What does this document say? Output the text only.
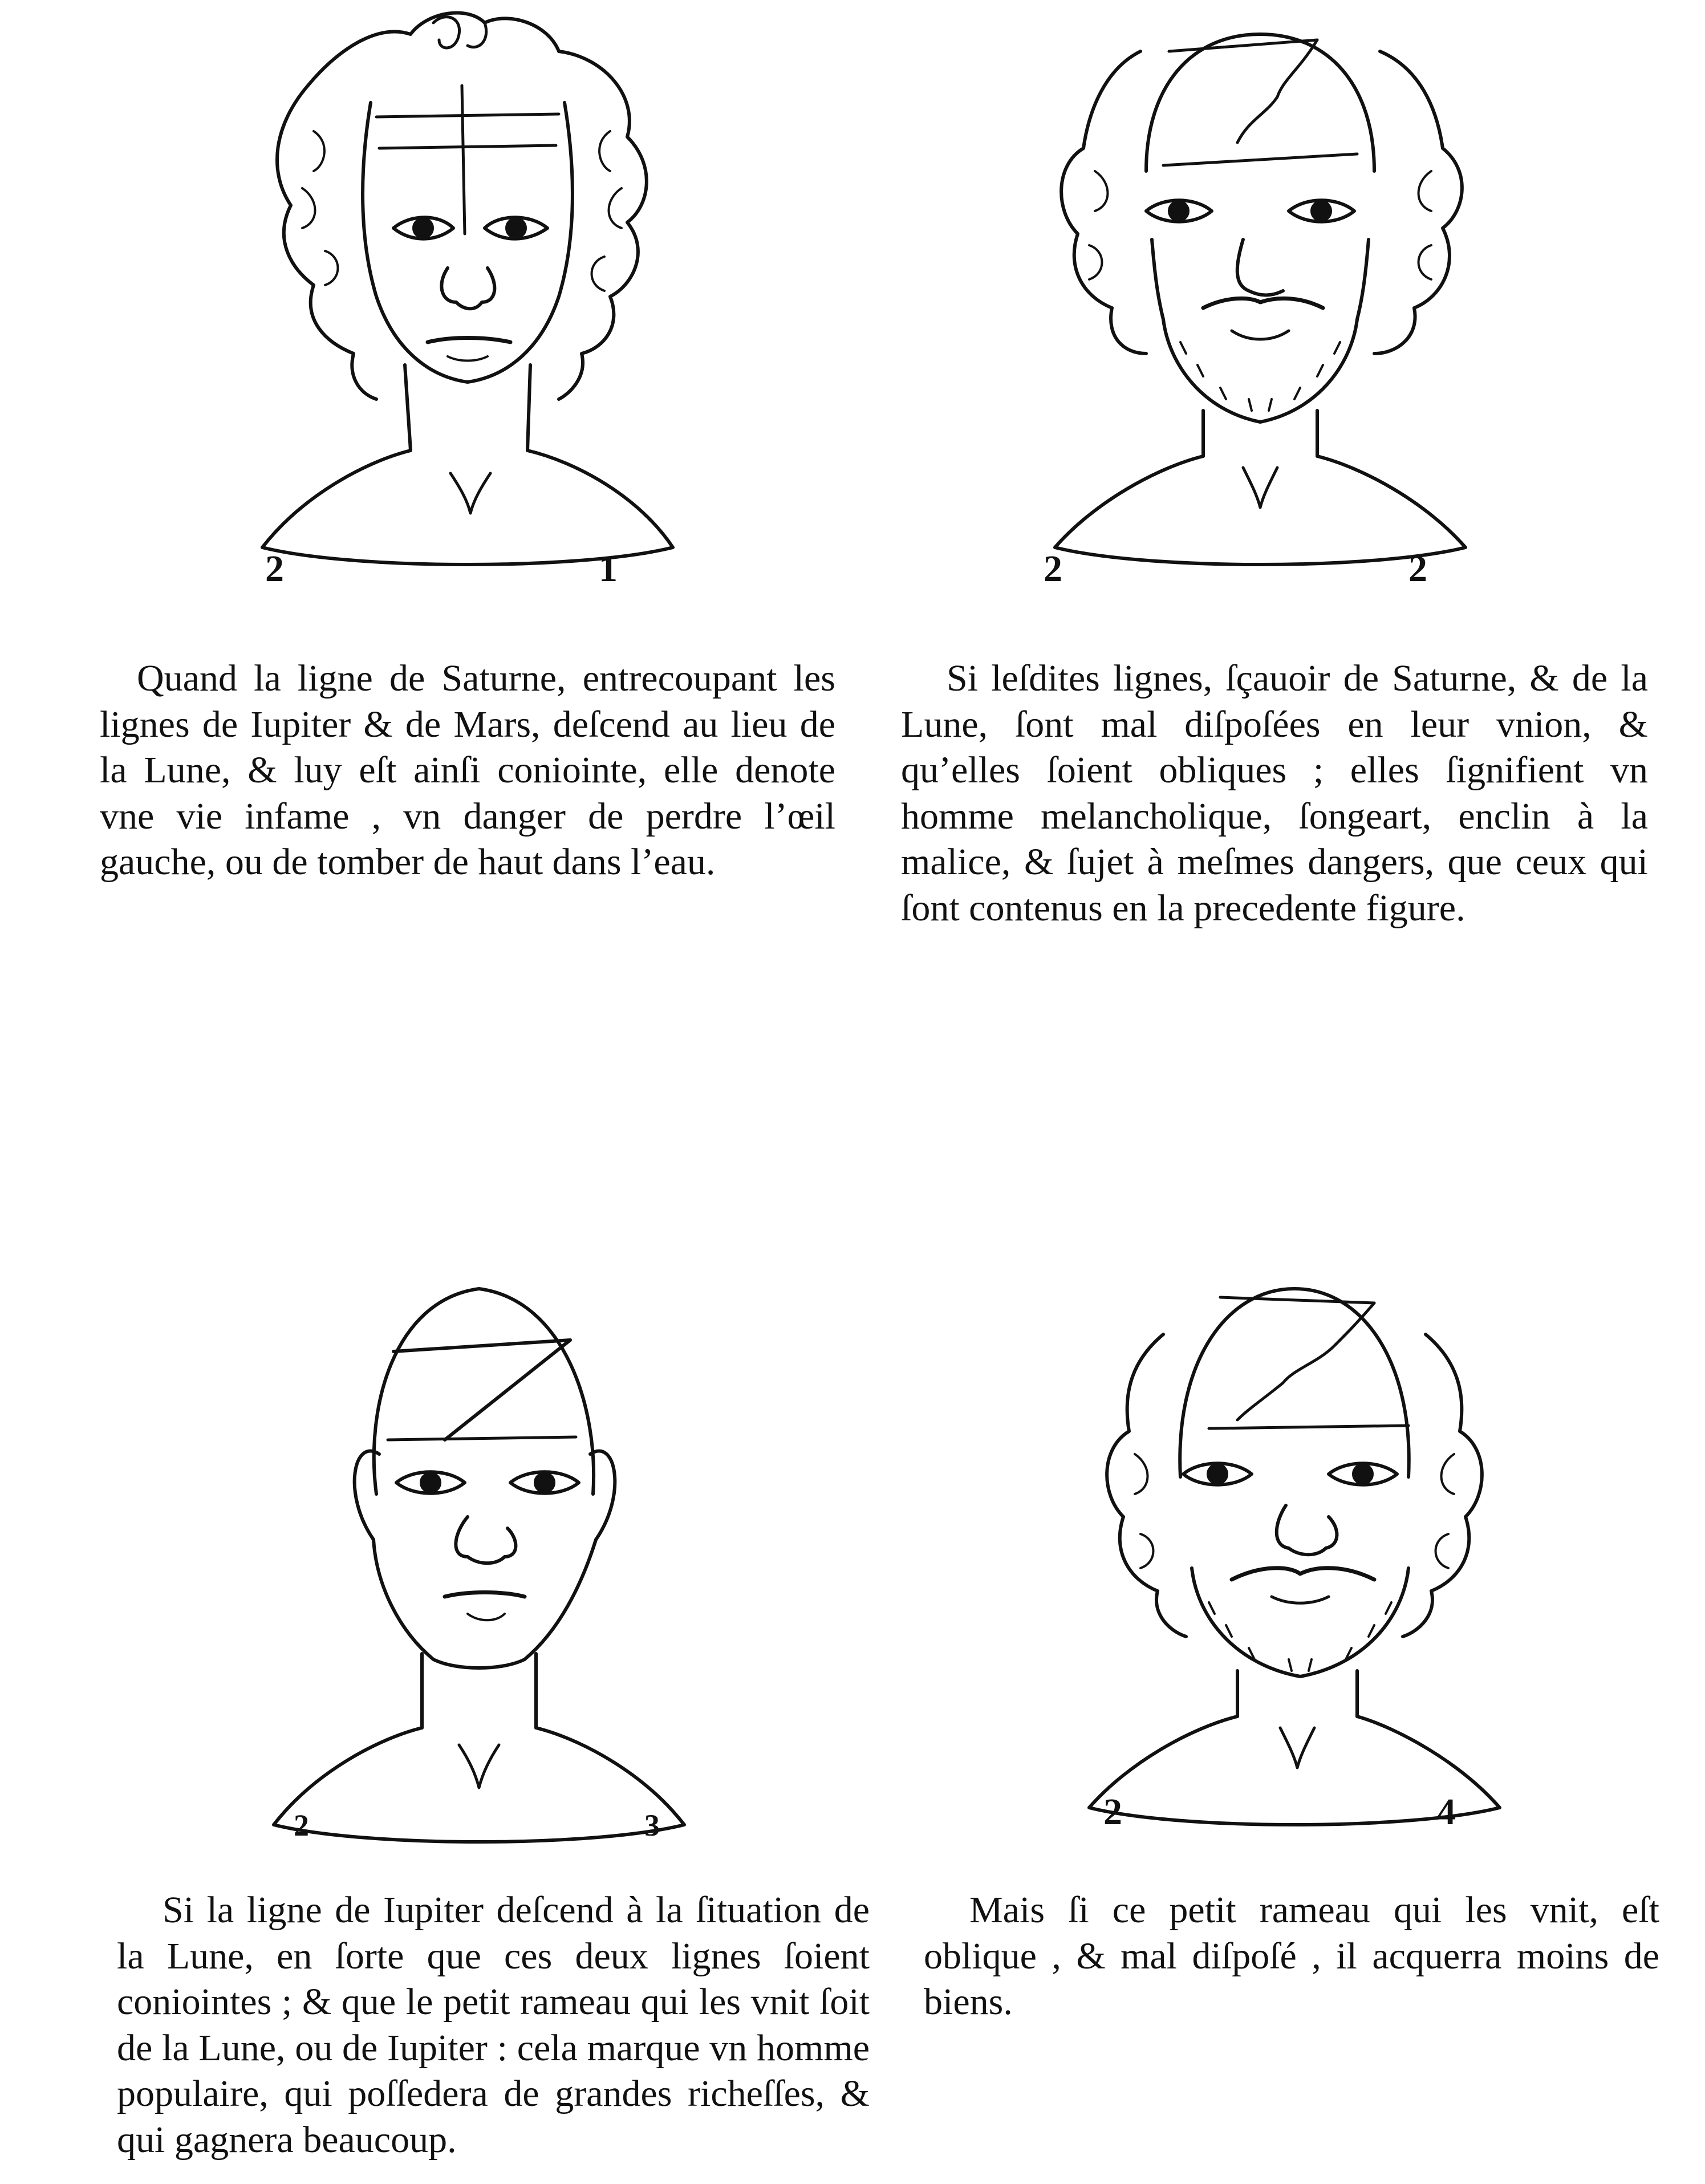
2	1

Quand la ligne de Saturne, entrecoupant les lignes de Iupiter & de Mars, deſcend au lieu de la Lune, & luy eſt ainſi coniointe, elle denote vne vie infame , vn danger de perdre l’œil gauche, ou de tomber de haut dans l’eau.

2	2

Si leſdites lignes, ſçauoir de Saturne, & de la Lune, ſont mal diſpoſées en leur vnion, & qu’elles ſoient obliques ; elles ſignifient vn homme melancholique, ſongeart, enclin à la malice, & ſujet à meſmes dangers, que ceux qui ſont contenus en la precedente figure.

2	3

Si la ligne de Iupiter deſcend à la ſituation de la Lune, en ſorte que ces deux lignes ſoient coniointes ; & que le petit rameau qui les vnit ſoit de la Lune, ou de Iupiter : cela marque vn homme populaire, qui poſſedera de grandes richeſſes, & qui gagnera beaucoup.

2	4

Mais ſi ce petit rameau qui les vnit, eſt oblique , & mal diſpoſé , il acquerra moins de biens.
